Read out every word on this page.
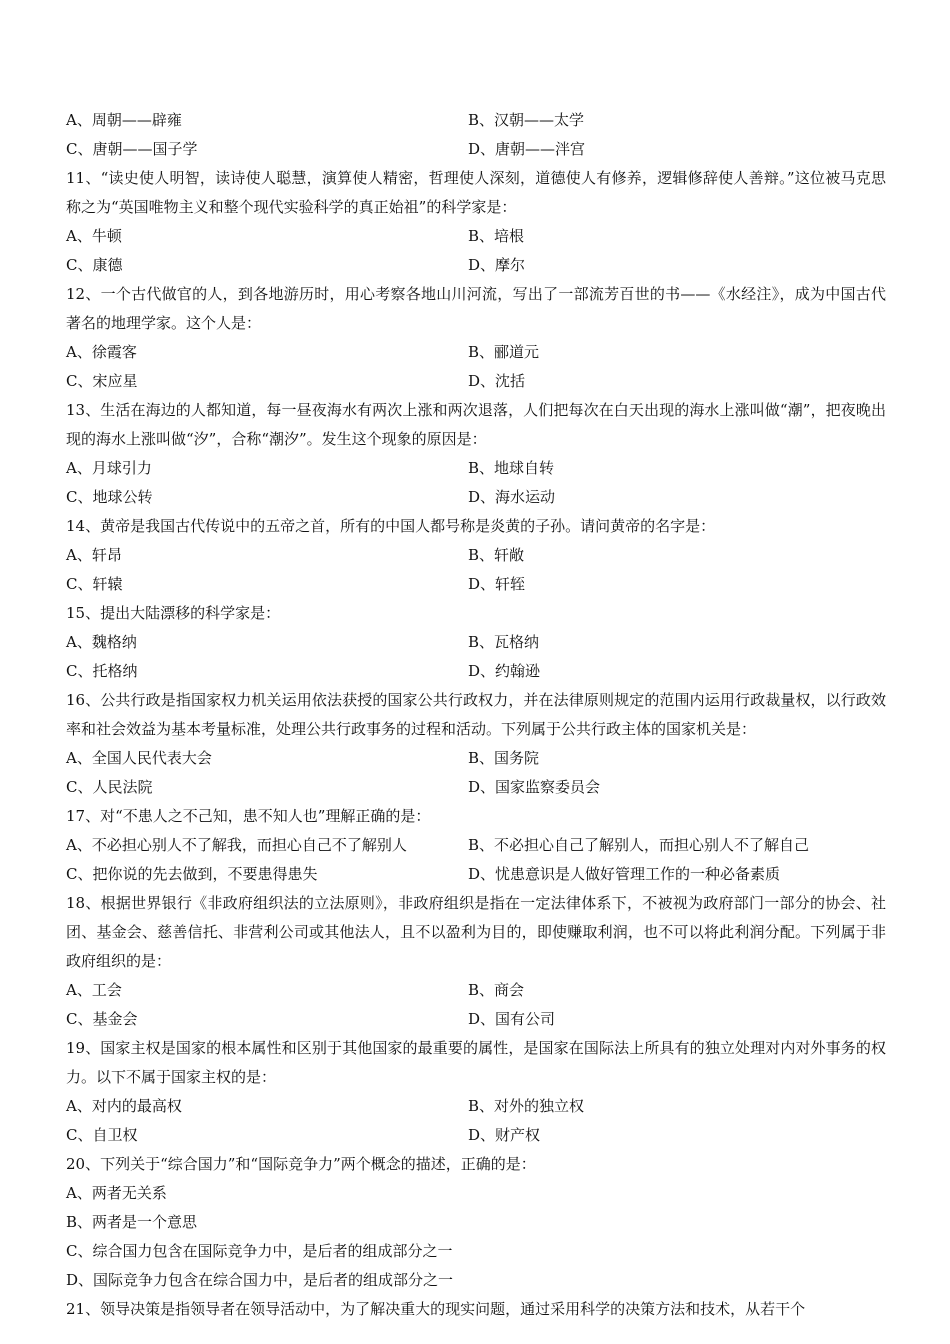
A、周朝——辟雍	B、汉朝——太学
C、唐朝——国子学	D、唐朝——泮宫
11、“读史使人明智，读诗使人聪慧，演算使人精密，哲理使人深刻，道德使人有修养，逻辑修辞使人善辩。”这位被马克思称之为“英国唯物主义和整个现代实验科学的真正始祖”的科学家是：
A、牛顿	B、培根
C、康德	D、摩尔
12、一个古代做官的人，到各地游历时，用心考察各地山川河流，写出了一部流芳百世的书——《水经注》，成为中国古代著名的地理学家。这个人是：
A、徐霞客	B、郦道元
C、宋应星	D、沈括
13、生活在海边的人都知道，每一昼夜海水有两次上涨和两次退落，人们把每次在白天出现的海水上涨叫做“潮”，把夜晚出现的海水上涨叫做“汐”，合称“潮汐”。发生这个现象的原因是：
A、月球引力	B、地球自转
C、地球公转	D、海水运动
14、黄帝是我国古代传说中的五帝之首，所有的中国人都号称是炎黄的子孙。请问黄帝的名字是：
A、轩昂	B、轩敞
C、轩辕	D、轩轾
15、提出大陆漂移的科学家是：
A、魏格纳	B、瓦格纳
C、托格纳	D、约翰逊
16、公共行政是指国家权力机关运用依法获授的国家公共行政权力，并在法律原则规定的范围内运用行政裁量权，以行政效率和社会效益为基本考量标准，处理公共行政事务的过程和活动。下列属于公共行政主体的国家机关是：
A、全国人民代表大会	B、国务院
C、人民法院	D、国家监察委员会
17、对“不患人之不己知，患不知人也”理解正确的是：
A、不必担心别人不了解我，而担心自己不了解别人	B、不必担心自己了解别人，而担心别人不了解自己
C、把你说的先去做到，不要患得患失	D、忧患意识是人做好管理工作的一种必备素质
18、根据世界银行《非政府组织法的立法原则》，非政府组织是指在一定法律体系下，不被视为政府部门一部分的协会、社团、基金会、慈善信托、非营利公司或其他法人，且不以盈利为目的，即使赚取利润，也不可以将此利润分配。下列属于非政府组织的是：
A、工会	B、商会
C、基金会	D、国有公司
19、国家主权是国家的根本属性和区别于其他国家的最重要的属性，是国家在国际法上所具有的独立处理对内对外事务的权力。以下不属于国家主权的是：
A、对内的最高权	B、对外的独立权
C、自卫权	D、财产权
20、下列关于“综合国力”和“国际竞争力”两个概念的描述，正确的是：
A、两者无关系
B、两者是一个意思
C、综合国力包含在国际竞争力中，是后者的组成部分之一
D、国际竞争力包含在综合国力中，是后者的组成部分之一
21、领导决策是指领导者在领导活动中，为了解决重大的现实问题，通过采用科学的决策方法和技术，从若干个
